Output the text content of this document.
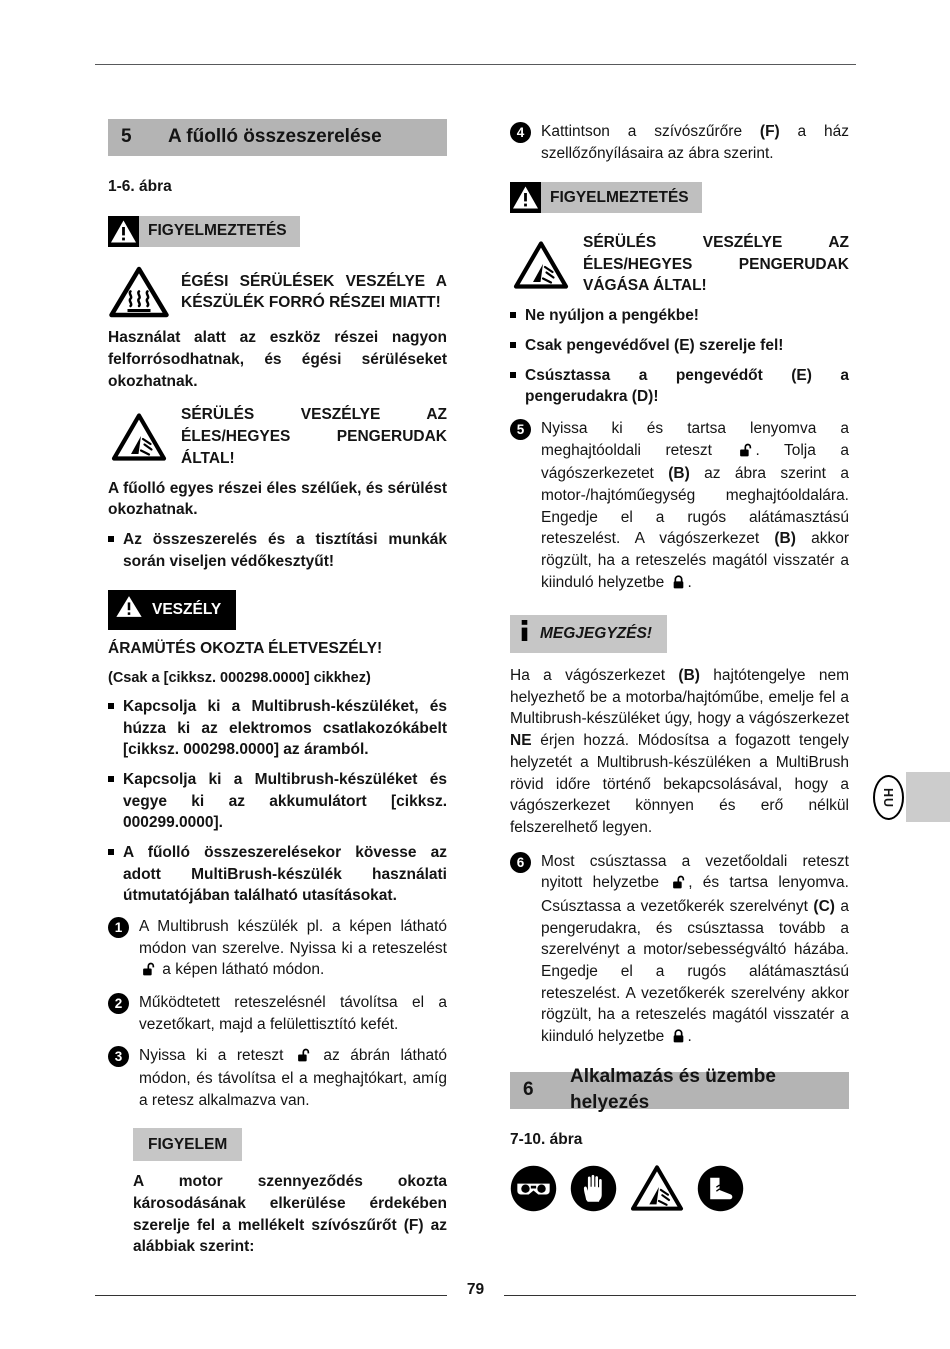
5	A fűolló összeszerelése
1-6. ábra
FIGYELMEZTETÉS
ÉGÉSI SÉRÜLÉSEK VESZÉLYE A KÉSZÜLÉK FORRÓ RÉSZEI MIATT!

Használat alatt az eszköz részei nagyon felforrósodhatnak, és égési sérüléseket okozhatnak.

SÉRÜLÉS VESZÉLYE AZ ÉLES/HEGYES PENGERUDAK ÁLTAL!

A fűolló egyes részei éles szélűek, és sérülést okozhatnak.

Az összeszerelés és a tisztítási munkák során viseljen védőkesztyűt!
VESZÉLY

ÁRAMÜTÉS OKOZTA ÉLETVESZÉLY!

(Csak a [cikksz. 000298.0000] cikkhez)

Kapcsolja ki a Multibrush-készüléket, és húzza ki az elektromos csatlakozókábelt [cikksz. 000298.0000] az áramból.
Kapcsolja ki a Multibrush-készüléket és vegye ki az akkumulátort [cikksz. 000299.0000].
A fűolló összeszerelésekor kövesse az adott MultiBrush-készülék használati útmutatójában található utasításokat.
1	A Multibrush készülék pl. a képen látható módon van szerelve. Nyissa ki a reteszelést  a képen látható módon.
2	Működtetett reteszelésnél távolítsa el a vezetőkart, majd a felülettisztító kefét.
3	Nyissa ki a reteszt  az ábrán látható módon, és távolítsa el a meghajtókart, amíg a retesz alkalmazva van.
FIGYELEM

A motor szennyeződés okozta károsodásának elkerülése érdekében szerelje fel a mellékelt szívószűrőt (F) az alábbiak szerint:

4	Kattintson a szívószűrőre (F) a ház szellőzőnyílásaira az ábra szerint.
FIGYELMEZTETÉS
SÉRÜLÉS VESZÉLYE AZ ÉLES/HEGYES PENGERUDAK VÁGÁSA ÁLTAL!
Ne nyúljon a pengékbe!
Csak pengevédővel (E) szerelje fel!
Csúsztassa a pengevédőt (E) a pengerudakra (D)!
5	Nyissa ki és tartsa lenyomva a meghajtóoldali reteszt . Tolja a vágószerkezetet (B) az ábra szerint a motor-/hajtóműegység meghajtóoldalára. Engedje el a rugós alátámasztású reteszelést. A vágószerkezet (B) akkor rögzült, ha a reteszelés magától visszatér a kiinduló helyzetbe .
MEGJEGYZÉS!

Ha a vágószerkezet (B) hajtótengelye nem helyezhető be a motorba/hajtóműbe, emelje fel a Multibrush-készüléket úgy, hogy a vágószerkezet NE érjen hozzá. Módosítsa a fogazott tengely helyzetét a Multibrush-készüléken a MultiBrush rövid időre történő bekapcsolásával, hogy a vágószerkezet könnyen és erő nélkül felszerelhető legyen.

6	Most csúsztassa a vezetőoldali reteszt nyitott helyzetbe , és tartsa lenyomva. Csúsztassa a vezetőkerék szerelvényt (C) a pengerudakra, és csúsztassa tovább a szerelvényt a motor/sebességváltó házába. Engedje el a rugós alátámasztású reteszelést. A vezetőkerék szerelvény akkor rögzült, ha a reteszelés magától visszatér a kiinduló helyzetbe .
6
Alkalmazás és üzembe helyezés
7-10. ábra
HU
79
